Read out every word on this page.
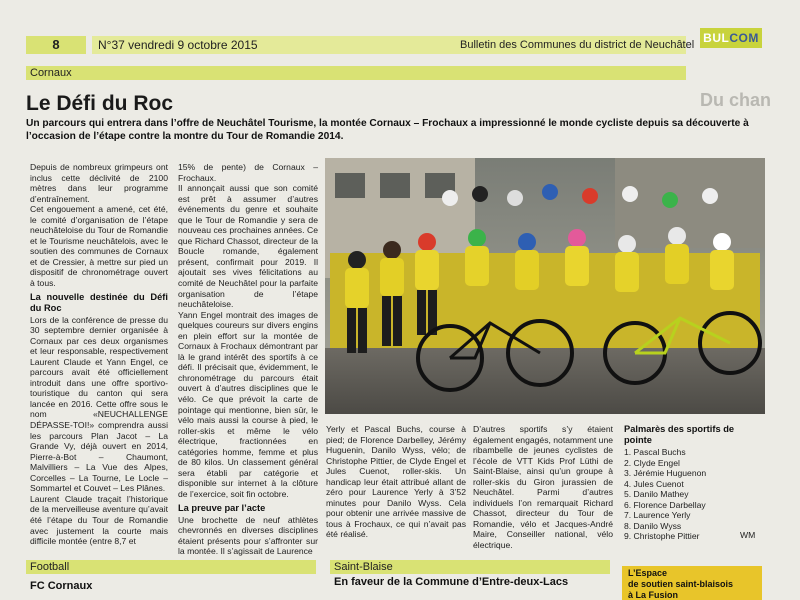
8	N°37 vendredi 9 octobre 2015	Bulletin des Communes du district de Neuchâtel BULCOM
Cornaux
Du chan
Le Défi du Roc

Un parcours qui entrera dans l’offre de Neuchâtel Tourisme, la montée Cornaux – Frochaux a impressionné le monde cycliste depuis sa découverte à l’occasion de l’étape contre la montre du Tour de Romandie 2014.

Depuis de nombreux grimpeurs ont inclus cette déclivité de 2100 mètres dans leur programme d’entraînement.

Cet engouement a amené, cet été, le comité d’organisation de l’étape neuchâteloise du Tour de Romandie et le Tourisme neuchâtelois, avec le soutien des communes de Cornaux et de Cressier, à mettre sur pied un dispositif de chronométrage ouvert à tous.

La nouvelle destinée du Défi du Roc

Lors de la conférence de presse du 30 septembre dernier organisée à Cornaux par ces deux organismes et leur responsable, respectivement Laurent Claude et Yann Engel, ce parcours avait été officiellement introduit dans une offre sportivo-touristique du canton qui sera lancée en 2016. Cette offre sous le nom «NEUCHALLENGE DÉPASSE-TOI!» comprendra aussi les parcours Plan Jacot – La Grande Vy, déjà ouvert en 2014, Pierre-à-Bot – Chaumont, Malvilliers – La Vue des Alpes, Corcelles – La Tourne, Le Locle – Sommartel et Couvet – Les Plânes.

Laurent Claude traçait l’historique de la merveilleuse aventure qu’avait été l’étape du Tour de Romandie avec justement la courte mais difficile montée (entre 8,7 et

15% de pente) de Cornaux – Frochaux.

Il annonçait aussi que son comité est prêt à assumer d’autres événements du genre et souhaite que le Tour de Romandie y sera de nouveau ces prochaines années. Ce que Richard Chassot, directeur de la Boucle romande, également présent, confirmait pour 2019. Il ajoutait ses vives félicitations au comité de Neuchâtel pour la parfaite organisation de l’étape neuchâteloise.

Yann Engel montrait des images de quelques coureurs sur divers engins en plein effort sur la montée de Cornaux à Frochaux démontrant par là le grand intérêt des sportifs à ce défi. Il précisait que, évidemment, le chronométrage du parcours était ouvert à d’autres disciplines que le vélo. Ce que prévoit la carte de pointage qui mentionne, bien sûr, le vélo mais aussi la course à pied, le roller-skis et même le vélo électrique, fractionnées en catégories homme, femme et plus de 80 kilos. Un classement général sera établi par catégorie et disponible sur internet à la clôture de l’exercice, soit fin octobre.

La preuve par l’acte

Une brochette de neuf athlètes chevronnés en diverses disciplines étaient présents pour s’affronter sur la montée. Il s’agissait de Laurence

Yerly et Pascal Buchs, course à pied; de Florence Darbelley, Jérémy Huguenin, Danilo Wyss, vélo; de Christophe Pittier, de Clyde Engel et Jules Cuenot, roller-skis. Un handicap leur était attribué allant de zéro pour Laurence Yerly à 3’52 minutes pour Danilo Wyss. Cela pour obtenir une arrivée massive de tous à Frochaux, ce qui n’avait pas été réalisé.

D’autres sportifs s’y étaient également engagés, notamment une ribambelle de jeunes cyclistes de l’école de VTT Kids Prof Lüthi de Saint-Blaise, ainsi qu’un groupe à roller-skis du Giron jurassien de Neuchâtel. Parmi d’autres individuels l’on remarquait Richard Chassot, directeur du Tour de Romandie, vélo et Jacques-André Maire, Conseiller national, vélo électrique.

Palmarès des sportifs de pointe
1. Pascal Buchs
2. Clyde Engel
3. Jérémie Huguenon
4. Jules Cuenot
5. Danilo Mathey
6. Florence Darbellay
7. Laurence Yerly
8. Danilo Wyss
9. Christophe Pittier	WM
Football
FC Cornaux
Saint-Blaise
En faveur de la Commune d’Entre-deux-Lacs
L’Espace
de soutien saint-blaisois
à La Fusion
